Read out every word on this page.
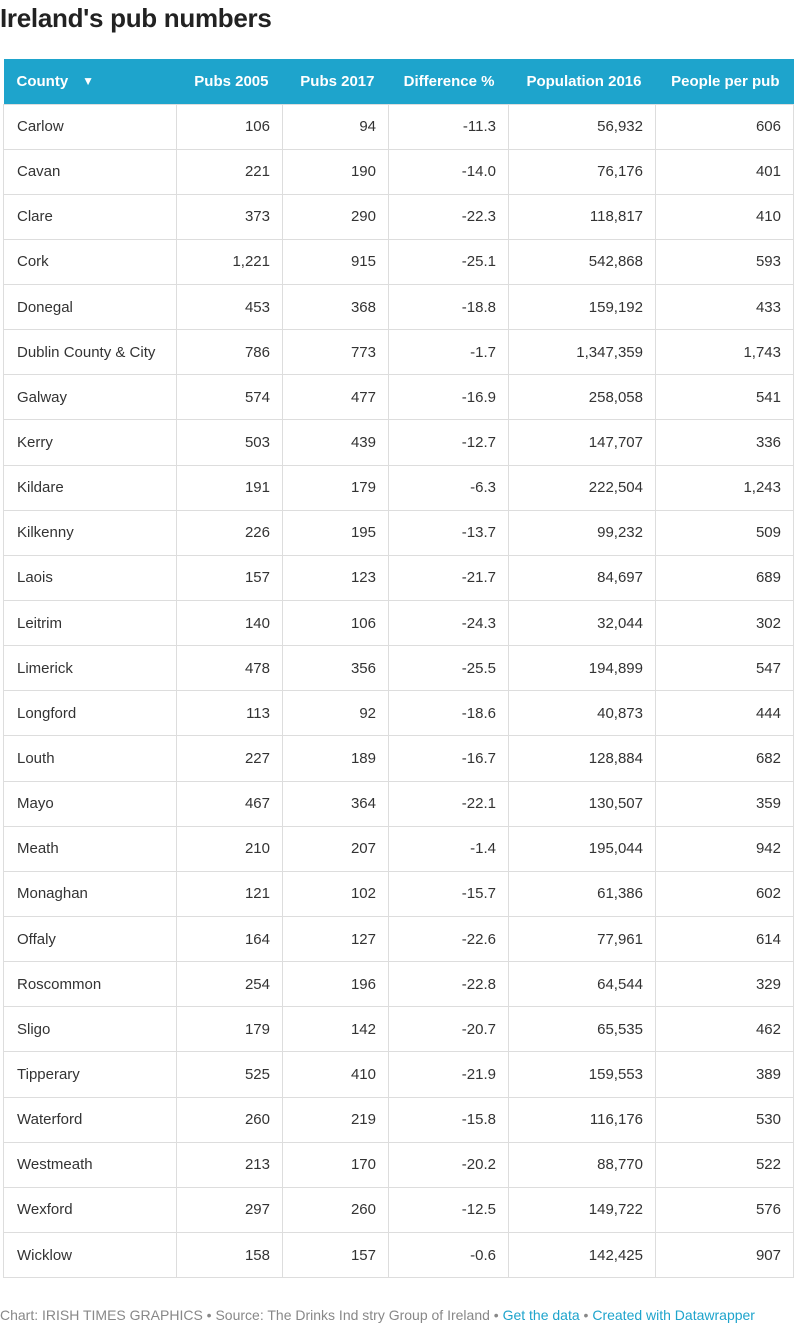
Ireland's pub numbers
County ▼	Pubs 2005	Pubs 2017	Difference %	Population 2016	People per pub
Carlow	106	94	-11.3	56,932	606
Cavan	221	190	-14.0	76,176	401
Clare	373	290	-22.3	118,817	410
Cork	1,221	915	-25.1	542,868	593
Donegal	453	368	-18.8	159,192	433
Dublin County & City	786	773	-1.7	1,347,359	1,743
Galway	574	477	-16.9	258,058	541
Kerry	503	439	-12.7	147,707	336
Kildare	191	179	-6.3	222,504	1,243
Kilkenny	226	195	-13.7	99,232	509
Laois	157	123	-21.7	84,697	689
Leitrim	140	106	-24.3	32,044	302
Limerick	478	356	-25.5	194,899	547
Longford	113	92	-18.6	40,873	444
Louth	227	189	-16.7	128,884	682
Mayo	467	364	-22.1	130,507	359
Meath	210	207	-1.4	195,044	942
Monaghan	121	102	-15.7	61,386	602
Offaly	164	127	-22.6	77,961	614
Roscommon	254	196	-22.8	64,544	329
Sligo	179	142	-20.7	65,535	462
Tipperary	525	410	-21.9	159,553	389
Waterford	260	219	-15.8	116,176	530
Westmeath	213	170	-20.2	88,770	522
Wexford	297	260	-12.5	149,722	576
Wicklow	158	157	-0.6	142,425	907
Chart: IRISH TIMES GRAPHICS • Source: The Drinks Ind stry Group of Ireland • Get the data • Created with Datawrapper
